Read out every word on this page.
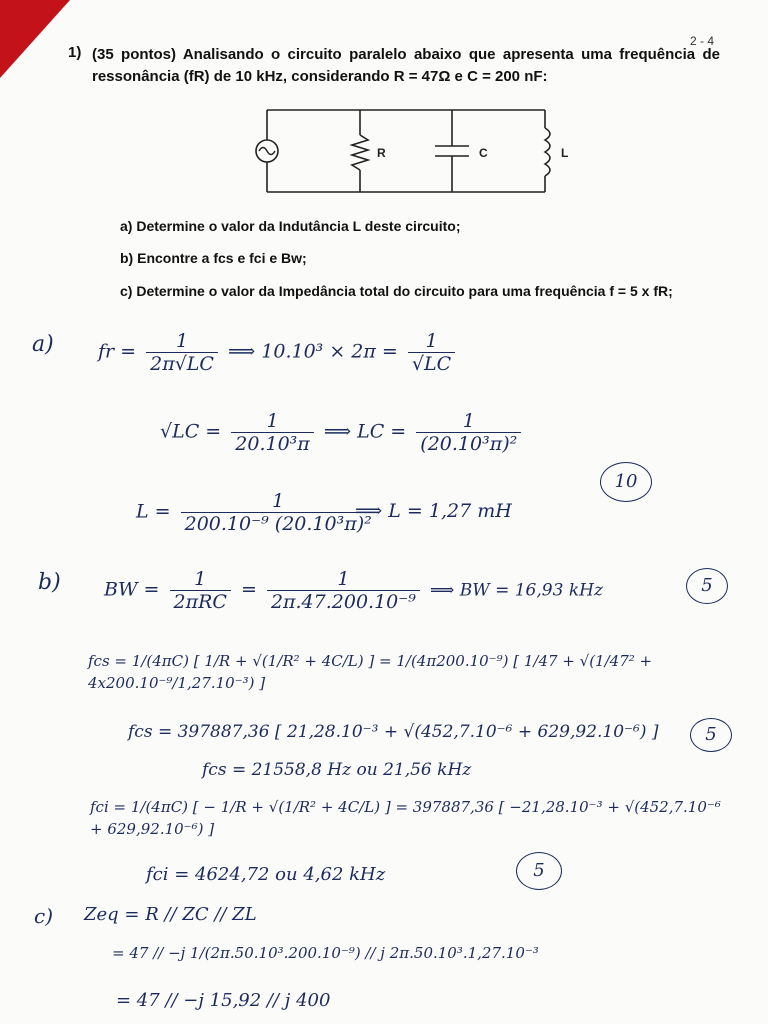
2 - 4
1) (35 pontos) Analisando o circuito paralelo abaixo que apresenta uma frequência de ressonância (fR) de 10 kHz, considerando R = 47Ω e C = 200 nF:
R	C	L
a) Determine o valor da Indutância L deste circuito;
b) Encontre a fcs e fci e Bw;
c) Determine o valor da Impedância total do circuito para uma frequência f = 5 x fR;
a) fr = $\frac{1}{2\pi√LC}$ ⟹ $10.10^3 \times 2\pi = \frac{1}{√LC}$
$√LC = \frac{1}{\text{20.10³π}}$ ⟹ LC = $\frac{1}{\text{(20.10³π)²}}$
$L = \frac{1}{\text{200.10⁻⁹ (20.10³π)²}}$
⟹ L = 1,27 mH
10
b) BW = $\frac{1}{\text{2πRC}} = \frac{1}{\text{2π.47.200.10⁻⁹}}$ ⟹ BW = 16,93 kHz	5
fcs = 1/(4πC) [ 1/R + √(1/R² + 4C/L) ] = 1/(4π200.10⁻⁹) [ 1/47 + √(1/47² + 4x200.10⁻⁹/1,27.10⁻³) ]
fcs = 397887,36 [ 21,28.10⁻³ + √(452,7.10⁻⁶ + 629,92.10⁻⁶) ]	5
fcs = 21558,8 Hz ou 21,56 kHz
fci = 1/(4πC) [ − 1/R + √(1/R² + 4C/L) ] = 397887,36 [ −21,28.10⁻³ + √(452,7.10⁻⁶ + 629,92.10⁻⁶) ]
fci = 4624,72 ou 4,62 kHz	5
c) Zeq = R // ZC // ZL
= 47 // −j 1/(2π.50.10³.200.10⁻⁹) // j 2π.50.10³.1,27.10⁻³
= 47 // −j 15,92 // j 400
